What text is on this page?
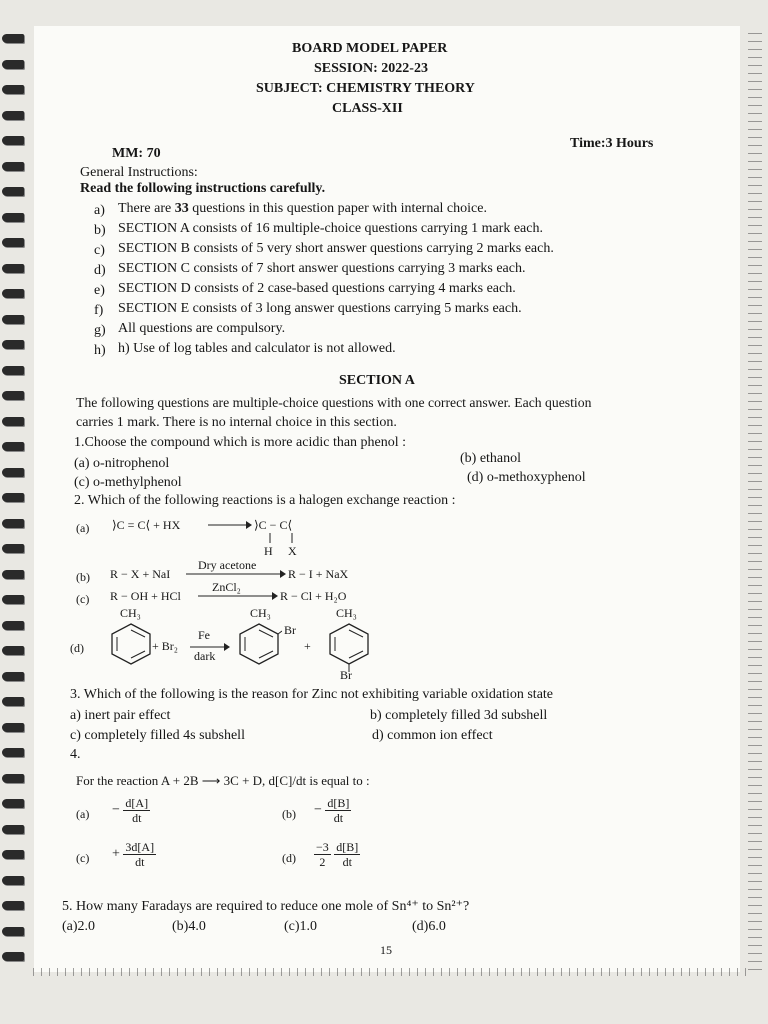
BOARD MODEL PAPER
SESSION: 2022-23
SUBJECT: CHEMISTRY THEORY
CLASS-XII
MM: 70
Time:3 Hours
General Instructions:
Read the following instructions carefully.
a) There are 33 questions in this question paper with internal choice.
b) SECTION A consists of 16 multiple-choice questions carrying 1 mark each.
c) SECTION B consists of 5 very short answer questions carrying 2 marks each.
d) SECTION C consists of 7 short answer questions carrying 3 marks each.
e) SECTION D consists of 2 case-based questions carrying 4 marks each.
f) SECTION E consists of 3 long answer questions carrying 5 marks each.
g) All questions are compulsory.
h) h) Use of log tables and calculator is not allowed.
SECTION A
The following questions are multiple-choice questions with one correct answer. Each question
carries 1 mark. There is no internal choice in this section.
1.Choose the compound which is more acidic than phenol :
(a) o-nitrophenol	(b) ethanol
(c) o-methylphenol	(d) o-methoxyphenol
2. Which of the following reactions is a halogen exchange reaction :
(a) ⟩C = C⟨ + HX → ⟩C − C⟨
H X
(b) R − X + NaI
Dry acetone
R − I + NaX
(c) R − OH + HCl
ZnCl₂
R − Cl + H₂O
(d)
CH₃
+ Br₂
Fe
dark
CH₃
Br
+
CH₃
Br
3. Which of the following is the reason for Zinc not exhibiting variable oxidation state
a) inert pair effect	b) completely filled 3d subshell
c) completely filled 4s subshell	d) common ion effect
4.
For the reaction A + 2B ⟶ 3C + D, d[C]/dt is equal to :
$(a) - \frac{d[A]}{dt}$	$(b) - \frac{d[B]}{dt}$
$(c) + \frac{3d[A]}{dt}$	$(d) \frac{-3}{2}$
$\frac{d[B]}{dt}$
5. How many Faradays are required to reduce one mole of Sn⁴⁺ to Sn²⁺?
(a)2.0	(b)4.0	(c)1.0	(d)6.0
15
